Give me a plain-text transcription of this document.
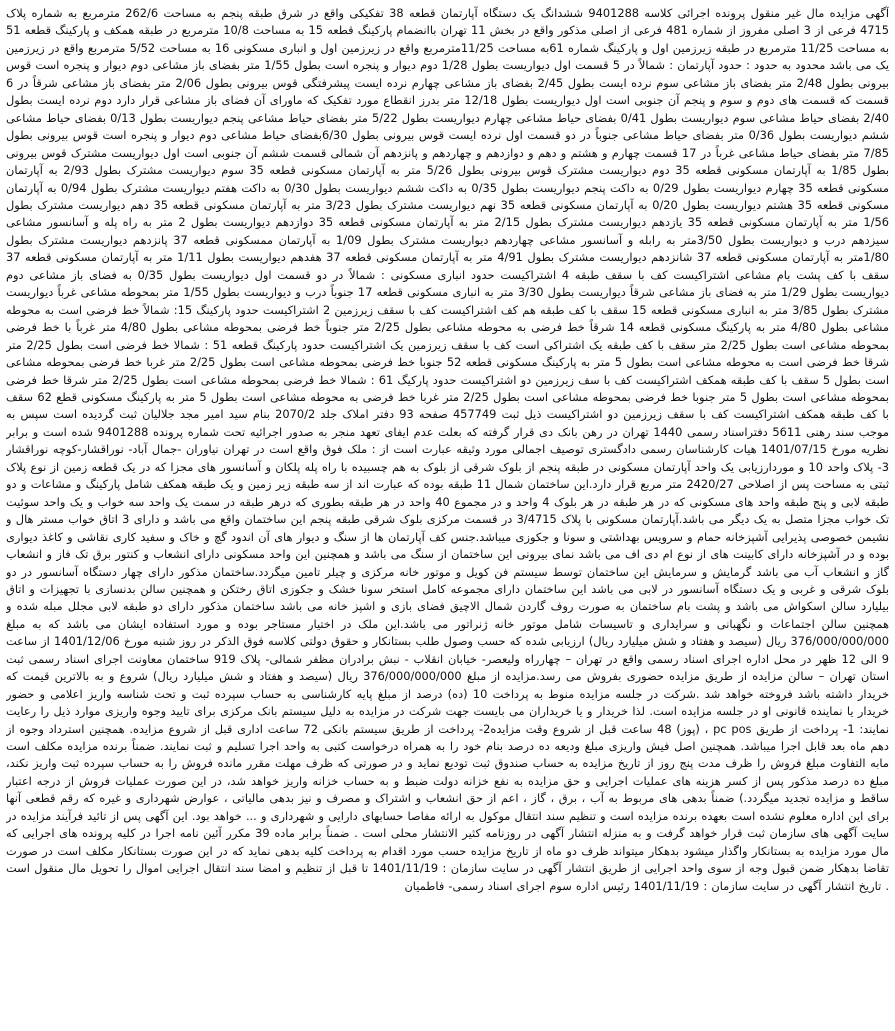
آگهی مزایده مال غیر منقول پرونده اجرائی کلاسه 9401288 ششدانگ یک دستگاه آپارتمان قطعه 38 تفکیکی واقع در شرق طبقه پنجم به مساحت 262/6 مترمربع به شماره پلاک 4715 فرعی از 3 اصلی مفروز از شماره 481 فرعی از اصلی مذکور واقع در بخش 11 تهران باانضمام پارکینگ قطعه 15 به مساحت 10/8 مترمربع در طبقه همکف و پارکینگ قطعه 51 به مساحت 11/25 مترمربع در طبقه زیرزمین اول و پارکینگ شماره 61به مساحت 11/25مترمربع واقع در زیرزمین اول و انباری مسکونی 16 به مساحت 5/52 مترمربع واقع در زیرزمین یک می باشد محدود به حدود : حدود آپارتمان : شمالاً در 5 قسمت اول دیواریست بطول 1/28 دوم دیوار و پنجره است بطول 1/55 متر بفضای باز مشاعی دوم دیوار و پنجره است قوس بیرونی بطول 2/48 متر بفضای باز مشاعی سوم نرده ایست بطول 2/45 بفضای باز مشاعی چهارم نرده ایست پیشرفتگی قوس بیرونی بطول 2/06 متر بفضای باز مشاعی شرقاً در 6 قسمت که قسمت های دوم و سوم و پنجم آن جنوبی است اول دیواریست بطول 12/18 متر بدرز انقطاع مورد تفکیک که ماورای آن فضای باز مشاعی قرار دارد دوم نرده ایست بطول 2/40 بفضای حیاط مشاعی سوم دیواریست بطول 0/41 بفضای حیاط مشاعی چهارم دیواریست بطول 5/22 متر بفضای حیاط مشاعی پنجم دیواریست بطول 0/13 بفضای حیاط مشاعی ششم دیواریست بطول 0/36 متر بفضای حیاط مشاعی جنوباً در دو قسمت اول نرده ایست قوس بیرونی بطول 6/30بفضای حیاط مشاعی دوم دیوار و پنجره است قوس بیرونی بطول 7/85 متر بفضای حیاط مشاعی غرباً در 17 قسمت چهارم و هشتم و دهم و دوازدهم و چهاردهم و پانزدهم آن شمالی قسمت ششم آن جنوبی است اول دیواریست مشترک قوس بیرونی بطول 1/85 به آپارتمان مسکونی قطعه 35 دوم دیواریست مشترک قوس بیرونی بطول 5/26 متر به آپارتمان مسکونی قطعه 35 سوم دیواریست مشترک بطول 2/93 به آپارتمان مسکونی قطعه 35 چهارم دیواریست بطول 0/29 به داکت پنجم دیواریست بطول 0/35 به داکت ششم دیواریست بطول 0/30 به داکت هفتم دیواریست مشترک بطول 0/94 به آپارتمان مسکونی قطعه 35 هشتم دیواریست بطول 0/20 به آپارتمان مسکونی قطعه 35 نهم دیواریست مشترک بطول 3/23 متر به آپارتمان مسکونی قطعه 35 دهم دیواریست مشترک بطول 1/56 متر به آپارتمان مسکونی قطعه 35 یازدهم دیواریست مشترک بطول 2/15 متر به آپارتمان مسکونی قطعه 35 دوازدهم دیواریست بطول 2 متر به راه پله و آسانسور مشاعی سیزدهم درب و دیواریست بطول 3/50متر به رابله و آسانسور مشاعی چهاردهم دیواریست مشترک بطول 1/09 به آپارتمان ممسکونی قطعه 37 پانزدهم دیواریست مشترک بطول 1/80متر به آپارتمان مسکونی قطعه 37 شانزدهم دیواریست مشترک بطول 4/91 متر به آپارتمان مسکونی قطعه 37 هفدهم دیواریست بطول 1/11 متر به آپارتمان مسکونی قطعه 37 سقف با کف پشت بام مشاعی اشتراکیست کف با سقف طبقه 4 اشتراکیست حدود انباری مسکونی : شمالاً در دو قسمت اول دیواریست بطول 0/35 به فضای باز مشاعی دوم دیواریست بطول 1/29 متر به فضای باز مشاعی شرقاً دیواریست بطول 3/30 متر به انباری مسکونی قطعه 17 جنوباً درب و دیواریست بطول 1/55 متر بمحوطه مشاعی غرباً دیواریست مشترک بطول 3/85 متر به انباری مسکونی قطعه 15 سقف با کف طبقه هم کف اشتراکیست کف با سقف زیرزمین 2 اشتراکیست حدود پارکینگ 15: شمالاً خط فرضی است به محوطه مشاعی بطول 4/80 متر به پارکینگ مسکونی قطعه 14 شرقاً خط فرضی به محوطه مشاعی بطول 2/25 متر جنوباً خط فرضی بمحوطه مشاعی بطول 4/80 متر غرباً با خط فرضی بمحوطه مشاعی است بطول 2/25 متر سقف با کف طبقه یک اشتراکی است کف با سقف زیرزمین یک اشتراکیست حدود پارکینگ قطعه 51 : شمالا خط فرضی است بطول 2/25 متر شرقا خط فرضی است به محوطه مشاعی است بطول 5 متر به پارکینگ مسکونی قطعه 52 جنوبا خط فرضی بمحوطه مشاعی است بطول 2/25 متر غربا خط فرضی بمحوطه مشاعی است بطول 5 سقف با کف طبقه همکف اشتراکیست کف با سف زیرزمین دو اشتراکیست حدود پارکیگ 61 : شمالا خط فرضی بمحوطه مشاعی است بطول 2/25 متر شرقا خط فرضی بمحوطه مشاعی است بطول 5 متر جنوبا خط فرضی بمحوطه مشاعی است بطول 2/25 متر غربا خط فرضی به محوطه مشاعی است بطول 5 متر به پارکینگ مسکونی قطع 62 سقف با کف طبقه همکف اشتراکیست کف با سقف زیرزمین دو اشتراکیست ذیل ثبت 457749 صفحه 93 دفتر املاک جلد 2070/2 بنام سید امیر مجد جلالیان ثبت گردیده است سپس به موجب سند رهنی 5611 دفتراسناد رسمی 1440 تهران در رهن بانک دی قرار گرفته که بعلت عدم ایفای تعهد منجر به صدور اجرائیه تحت شماره پرونده 9401288 شده است و برابر نظریه مورخ 1401/07/15 هیات کارشناسان رسمی دادگستری توصیف اجمالی مورد وثیقه عبارت است از : ملک فوق واقع است در تهران نیاوران -جمال آباد- نوراقشار-کوچه نوراقشار 3- پلاک واحد 10 و موردارزیابی یک واحد آپارتمان مسکونی در طبقه پنجم از بلوک شرقی از بلوک به هم چسبیده با راه پله پلکان و آسانسور های مجزا که در یک قطعه زمین از نوع پلاک ثبتی به مساحت پس از اصلاحی 2420/27 متر مربع قرار دارد.این ساختمان شمال 11 طبقه بوده که عبارت اند از سه طبقه زیر زمین و یک طبقه همکف شامل پارکینگ و مشاعات و دو طبقه لابی و پنج طبقه واحد های مسکونی که در هر طبقه در هر بلوک 4 واحد و در مجموع 40 واحد در هر طبقه بطوری که درهر طبقه در سمت یک واحد سه خواب و یک واحد سوئیت تک خواب مجزا متصل به یک دیگر می باشد.آپارتمان مسکونی با پلاک 3/4715 در قسمت مرکزی بلوک شرقی طبقه پنجم این ساختمان واقع می باشد و دارای 3 اتاق خواب مستر هال و نشیمن خصوصی پذیرایی آشپزخانه حمام و سرویس بهداشتی و سونا و جکوزی میباشد.جنس کف آپارتمان ها از سنگ و دیوار های آن اندود گچ و خاک و سفید کاری نقاشی و کاغذ دیواری بوده و در آشپزخانه دارای کابینت های از نوع ام دی اف می باشد نمای بیرونی این ساختمان از سنگ می باشد و همچنین این واحد مسکونی دارای انشعاب و کنتور برق تک فاز و انشعاب گاز و انشعاب آب می باشد گرمایش و سرمایش این ساختمان توسط سیستم فن کویل و موتور خانه مرکزی و چیلر تامین میگردد.ساختمان مذکور دارای چهار دستگاه آسانسور در دو بلوک شرقی و غربی و یک دستگاه آسانسور در لابی می باشد این ساختمان دارای مجموعه کامل استخر سونا خشک و جکوزی اتاق رختکن و همچنین سالن بدنسازی با تجهیزات و اتاق بیلیارد سالن اسکواش می باشد و پشت بام ساختمان به صورت روف گاردن شمال الاچیق فضای بازی و اشپز خانه می باشد ساختمان مذکور دارای دو طبقه لابی مجلل مبله شده و همچنین سالن اجتماعات و نگهبانی و سرایداری و تاسیسات شامل موتور خانه ژنراتور می باشد.این ملک در اختیار مستاجر بوده و مورد استفاده ایشان می باشد که به مبلغ 376/000/000/000 ریال (سیصد و هفتاد و شش میلیارد ریال) ارزیابی شده که حسب وصول طلب بستانکار و حقوق دولتی کلاسه فوق الذکر در روز شنبه مورخ 1401/12/06 از ساعت 9 الی 12 ظهر در محل اداره اجرای اسناد رسمی واقع در تهران – چهارراه ولیعصر- خیابان انقلاب - نبش برادران مظفر شمالی- پلاک 919 ساختمان معاونت اجرای اسناد رسمی ثبت استان تهران – سالن مزایده از طریق مزایده حضوری بفروش می رسد.مزایده از مبلغ 376/000/000/000 ریال (سیصد و هفتاد و شش میلیارد ریال) شروع و به بالاترین قیمت که خریدار داشته باشد فروخته خواهد شد .شرکت در جلسه مزایده منوط به پرداخت 10 (ده) درصد از مبلغ پایه کارشناسی به حساب سپرده ثبت و تحت شناسه واریز اعلامی و حضور خریدار یا نماینده قانونی او در جلسه مزایده است. لذا خریدار و یا خریداران می بایست جهت شرکت در مزایده به دلیل سیستم بانک مرکزی برای تایید وجوه واریزی موارد ذیل را رعایت نمایند: 1- پرداخت از طریق pc pos ، (پوز) 48 ساعت قبل از شروع وقت مزایده2- پرداخت از طریق سیستم بانکی 72 ساعت اداری قبل از شروع مزایده. همچنین استرداد وجوه از دهم ماه بعد قابل اجرا میباشد. همچنین اصل فیش واریزی مبلغ ودیعه ده درصد بنام خود را به همراه درخواست کتبی به واحد اجرا تسلیم و ثبت نمایند. ضمناً برنده مزایده مکلف است مابه التفاوت مبلغ فروش را ظرف مدت پنج روز از تاریخ مزایده به حساب صندوق ثبت تودیع نماید و در صورتی که ظرف مهلت مقرر مانده فروش را به حساب سپرده ثبت واریز نکند، مبلغ ده درصد مذکور پس از کسر هزینه های عملیات اجرایی و حق مزایده به نفع خزانه دولت ضبط و به حساب خزانه واریز خواهد شد، در این صورت عملیات فروش از درجه اعتبار ساقط و مزایده تجدید میگردد.) ضمناً بدهی های مربوط به آب ، برق ، گاز ، اعم از حق انشعاب و اشتراک و مصرف و نیز بدهی مالیاتی ، عوارض شهرداری و غیره که رقم قطعی آنها برای این اداره معلوم نشده است بعهده برنده مزایده است و تنظیم سند انتقال موکول به ارائه مفاصا حسابهای دارایی و شهرداری و ... خواهد بود. این آگهی پس از تائید فرآیند مزایده در سایت آگهی های سازمان ثبت قرار خواهد گرفت و به منزله انتشار آگهی در روزنامه کثیر الانتشار محلی است . ضمناً برابر ماده 39 مکرر آئین نامه اجرا در کلیه پرونده های اجرایی که مال مورد مزایده به بستانکار واگذار میشود بدهکار میتواند ظرف دو ماه از تاریخ مزایده حسب مورد اقدام به پرداخت کلیه بدهی نماید که در این صورت بستانکار مکلف است در صورت تقاضا بدهکار ضمن قبول وجه از سوی واحد اجرایی از طریق انتشار آگهی در سایت سازمان : 1401/11/19 تا قبل از تنظیم و امضا سند انتقال اجرایی اموال را تحویل مال منقول است . تاریخ انتشار آگهی در سایت سازمان : 1401/11/19 رئیس اداره سوم اجرای اسناد رسمی- فاطمیان
